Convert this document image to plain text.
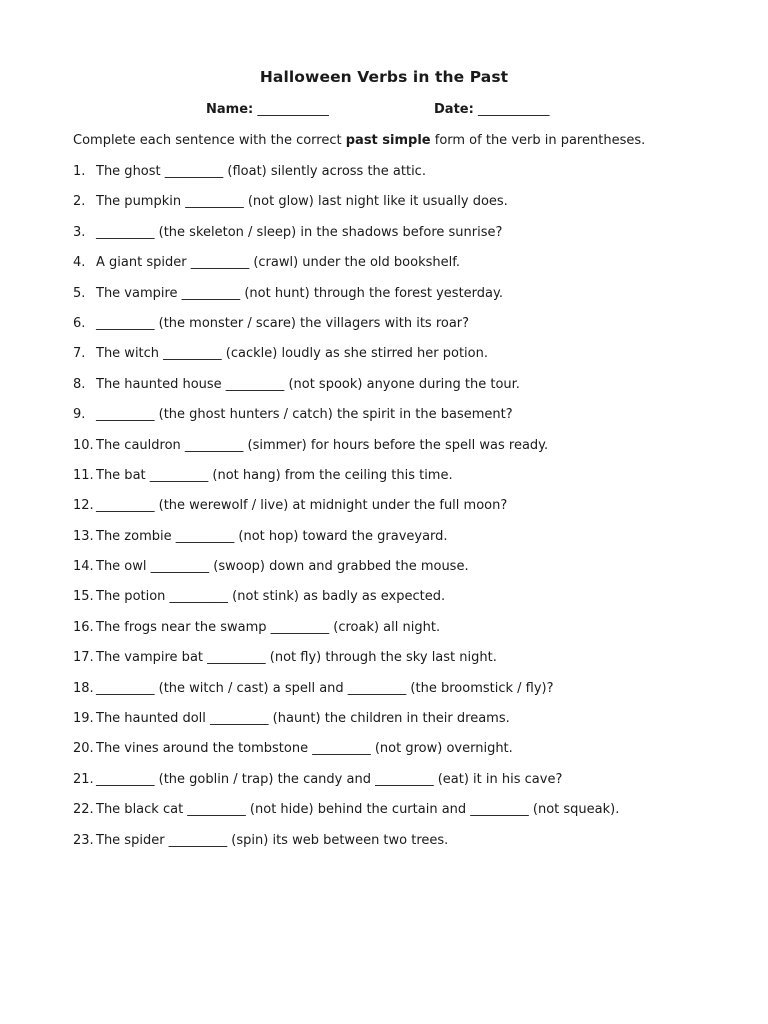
Halloween Verbs in the Past
Name: ___________	Date: ___________
Complete each sentence with the correct past simple form of the verb in parentheses.
1. The ghost _________ (float) silently across the attic.
2. The pumpkin _________ (not glow) last night like it usually does.
3. _________ (the skeleton / sleep) in the shadows before sunrise?
4. A giant spider _________ (crawl) under the old bookshelf.
5. The vampire _________ (not hunt) through the forest yesterday.
6. _________ (the monster / scare) the villagers with its roar?
7. The witch _________ (cackle) loudly as she stirred her potion.
8. The haunted house _________ (not spook) anyone during the tour.
9. _________ (the ghost hunters / catch) the spirit in the basement?
10. The cauldron _________ (simmer) for hours before the spell was ready.
11. The bat _________ (not hang) from the ceiling this time.
12. _________ (the werewolf / live) at midnight under the full moon?
13. The zombie _________ (not hop) toward the graveyard.
14. The owl _________ (swoop) down and grabbed the mouse.
15. The potion _________ (not stink) as badly as expected.
16. The frogs near the swamp _________ (croak) all night.
17. The vampire bat _________ (not fly) through the sky last night.
18. _________ (the witch / cast) a spell and _________ (the broomstick / fly)?
19. The haunted doll _________ (haunt) the children in their dreams.
20. The vines around the tombstone _________ (not grow) overnight.
21. _________ (the goblin / trap) the candy and _________ (eat) it in his cave?
22. The black cat _________ (not hide) behind the curtain and _________ (not squeak).
23. The spider _________ (spin) its web between two trees.
